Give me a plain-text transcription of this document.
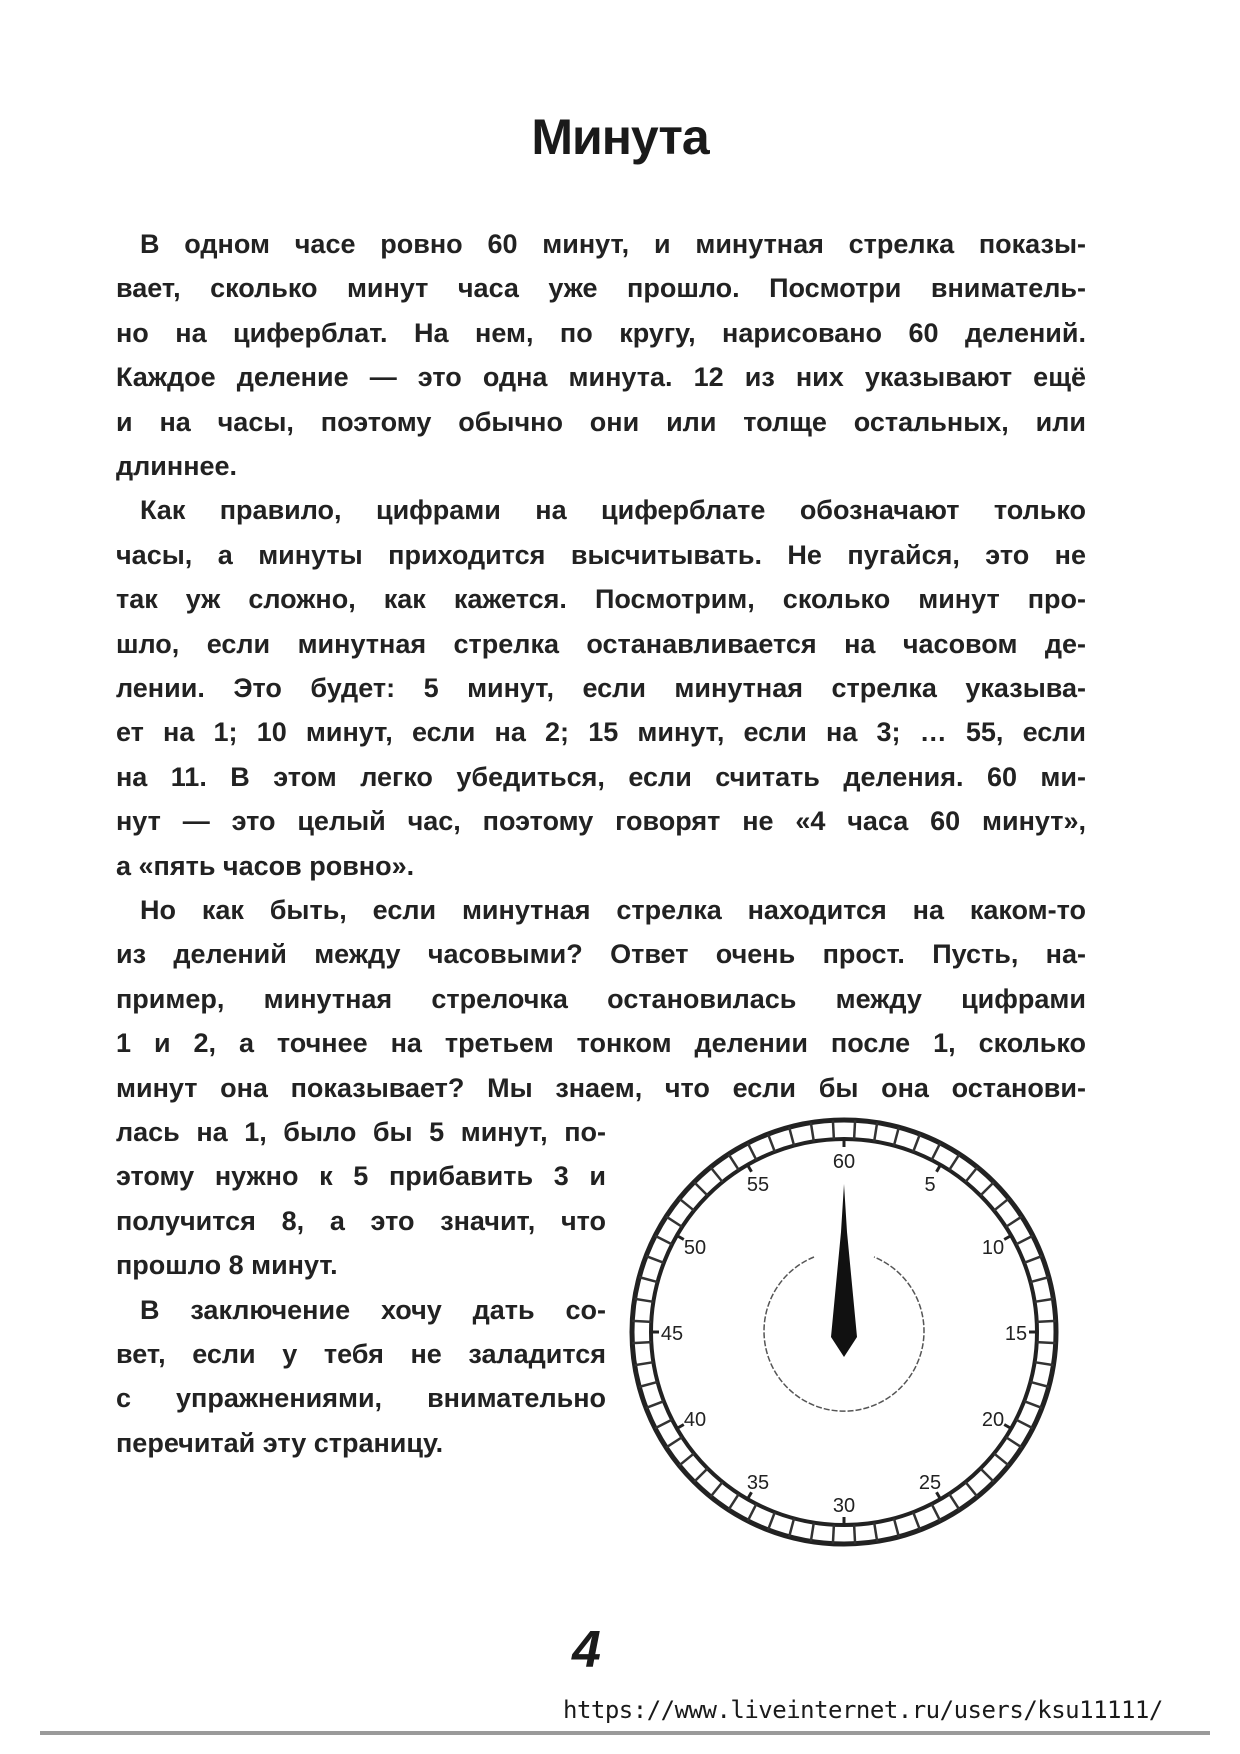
Минута
В одном часе ровно 60 минут, и минутная стрелка показы-
вает, сколько минут часа уже прошло. Посмотри вниматель-
но на циферблат. На нем, по кругу, нарисовано 60 делений.
Каждое деление — это одна минута. 12 из них указывают ещё
и на часы, поэтому обычно они или толще остальных, или
длиннее.
Как правило, цифрами на циферблате обозначают только
часы, а минуты приходится высчитывать. Не пугайся, это не
так уж сложно, как кажется. Посмотрим, сколько минут про-
шло, если минутная стрелка останавливается на часовом де-
лении. Это будет: 5 минут, если минутная стрелка указыва-
ет на 1; 10 минут, если на 2; 15 минут, если на 3; … 55, если
на 11. В этом легко убедиться, если считать деления. 60 ми-
нут — это целый час, поэтому говорят не «4 часа 60 минут»,
а «пять часов ровно».
Но как быть, если минутная стрелка находится на каком-то
из делений между часовыми? Ответ очень прост. Пусть, на-
пример, минутная стрелочка остановилась между цифрами
1 и 2, а точнее на третьем тонком делении после 1, сколько
минут она показывает? Мы знаем, что если бы она останови-
лась на 1, было бы 5 минут, по-
этому нужно к 5 прибавить 3 и
получится 8, а это значит, что
прошло 8 минут.
В заключение хочу дать со-
вет, если у тебя не заладится
с упражнениями, внимательно
перечитай эту страницу.
60
5
10
15
20
25
30
35
40
45
50
55
4
https://www.liveinternet.ru/users/ksu11111/
